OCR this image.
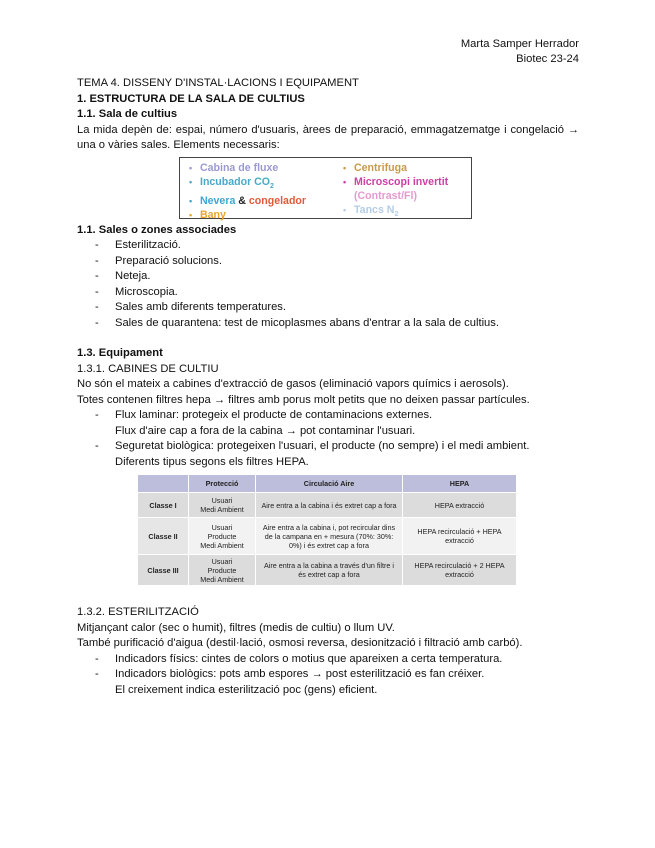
Marta Samper Herrador
Biotec 23-24
TEMA 4. DISSENY D'INSTAL·LACIONS I EQUIPAMENT
1. ESTRUCTURA DE LA SALA DE CULTIUS
1.1. Sala de cultius
La mida depèn de: espai, número d'usuaris, àrees de preparació, emmagatzematge i congelació → una o vàries sales. Elements necessaris:
• Cabina de fluxe
• Incubador $CO_2$
• Nevera & congelador
• Bany
• Centrifuga
• Microscopi invertit
(Contrast/Fl)
• Tancs $N_2$
1.1. Sales o zones associades
- Esterilització.
- Preparació solucions.
- Neteja.
- Microscopia.
- Sales amb diferents temperatures.
- Sales de quarantena: test de micoplasmes abans d'entrar a la sala de cultius.
1.3. Equipament
1.3.1. CABINES DE CULTIU
No són el mateix a cabines d'extracció de gasos (eliminació vapors químics i aerosols).
Totes contenen filtres hepa → filtres amb porus molt petits que no deixen passar partícules.
- Flux laminar: protegeix el producte de contaminacions externes.
Flux d'aire cap a fora de la cabina → pot contaminar l'usuari.
- Seguretat biològica: protegeixen l'usuari, el producte (no sempre) i el medi ambient.
Diferents tipus segons els filtres HEPA.
	Protecció	Circulació Aire	HEPA
Classe I	Usuari
Medi Ambient	Aire entra a la cabina i és extret cap a fora	HEPA extracció
Classe II	Usuari
Producte
Medi Ambient	Aire entra a la cabina i, pot recircular dins de la campana en + mesura (70%: 30%: 0%) i és extret cap a fora	HEPA recirculació + HEPA extracció
Classe III	Usuari
Producte
Medi Ambient	Aire entra a la cabina a través d'un filtre i és extret cap a fora	HEPA recirculació + 2 HEPA extracció
1.3.2. ESTERILITZACIÓ
Mitjançant calor (sec o humit), filtres (medis de cultiu) o llum UV.
També purificació d'aigua (destil·lació, osmosi reversa, desionització i filtració amb carbó).
- Indicadors físics: cintes de colors o motius que apareixen a certa temperatura.
- Indicadors biològics: pots amb espores → post esterilització es fan créixer.
El creixement indica esterilització poc (gens) eficient.
